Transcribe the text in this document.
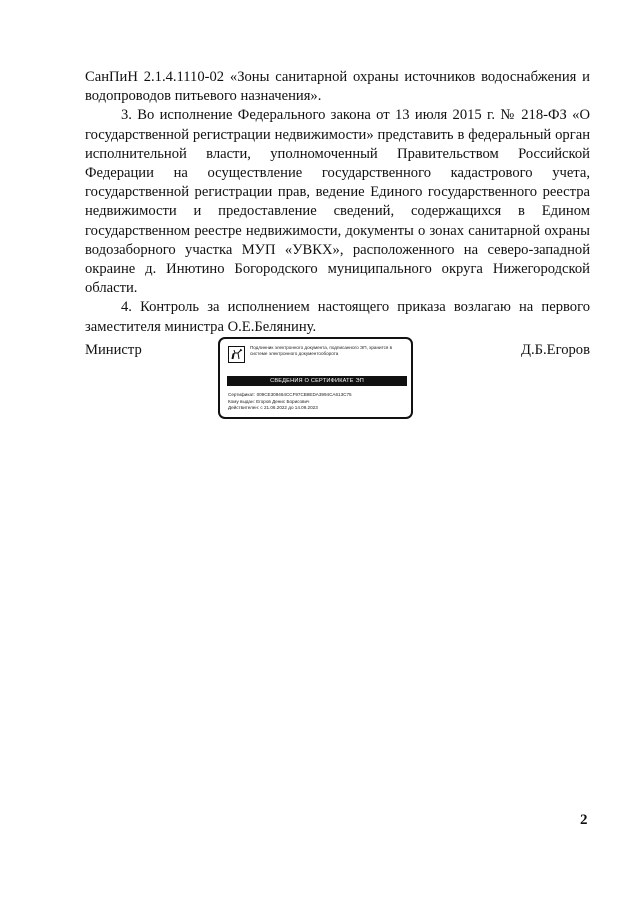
СанПиН 2.1.4.1110-02 «Зоны санитарной охраны источников водоснабжения и водопроводов питьевого назначения».

3. Во исполнение Федерального закона от 13 июля 2015 г. № 218-ФЗ «О государственной регистрации недвижимости» представить в федеральный орган исполнительной власти, уполномоченный Правительством Российской Федерации на осуществление государственного кадастрового учета, государственной регистрации прав, ведение Единого государственного реестра недвижимости и предоставление сведений, содержащихся в Едином государственном реестре недвижимости, документы о зонах санитарной охраны водозаборного участка МУП «УВКХ», расположенного на северо-западной окраине д. Инютино Богородского муниципального округа Нижегородской области.

4. Контроль за исполнением настоящего приказа возлагаю на первого заместителя министра О.Е.Белянину.

Министр	Д.Б.Егоров
Подлинник электронного документа, подписанного ЭП, хранится в системе электронного документооборота
СВЕДЕНИЯ О СЕРТИФИКАТЕ ЭП
Сертификат: 009CE309464CCF97CB8EDA3994CA613C75
Кому выдан: Егоров Денис Борисович
Действителен: с 21.06.2022 до 14.09.2023
2
